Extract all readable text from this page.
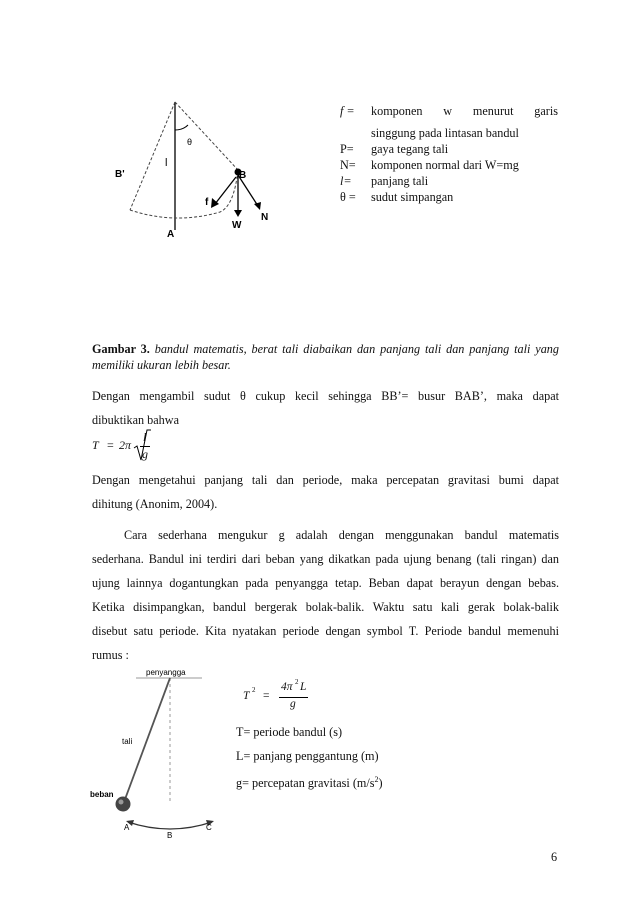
B'
l
θ
B
f
A
W
N
f =	komponen w menurut garis
singgung pada lintasan bandul
P=	gaya tegang tali
N=	komponen normal dari W=mg
l=	panjang tali
θ =	sudut simpangan
Gambar 3. bandul matematis, berat tali diabaikan dan panjang tali dan panjang tali yang
memiliki ukuran lebih besar.
Dengan mengambil sudut θ cukup kecil sehingga BB’= busur BAB’, maka dapat
dibuktikan bahwa
T = 2π
l
g
Dengan mengetahui panjang tali dan periode, maka percepatan gravitasi bumi dapat
dihitung (Anonim, 2004).
Cara sederhana mengukur g adalah dengan menggunakan bandul matematis
sederhana. Bandul ini terdiri dari beban yang dikatkan pada ujung benang (tali ringan) dan
ujung lainnya dogantungkan pada penyangga tetap. Beban dapat berayun dengan bebas.
Ketika disimpangkan, bandul bergerak bolak-balik. Waktu satu kali gerak bolak-balik
disebut satu periode. Kita nyatakan periode dengan symbol T. Periode bandul memenuhi
rumus :
penyangga
tali
beban
A
B
C
T 2 =
4π 2 L
g
T= periode bandul (s)
L= panjang penggantung (m)
g= percepatan gravitasi $(m/s^2)$
6
